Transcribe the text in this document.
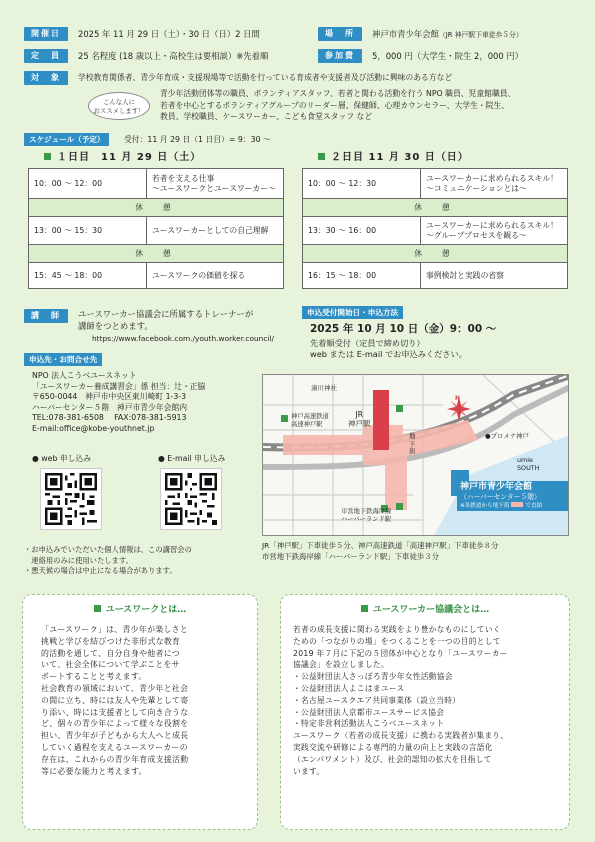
開催日	2025 年 11 月 29 日（土）・30 日（日）2 日間	場　所	神戸市青少年会館（JR 神戸駅下車徒歩５分）
定　員	25 名程度 (18 歳以上・高校生は要相談）※先着順	参加費	5，000 円（大学生・院生 2，000 円）
対　象	学校教育関係者、青少年育成・支援現場等で活動を行っている育成者や支援者及び活動に興味のある方など
青少年活動団体等の職員、ボランティアスタッフ、若者と関わる活動を行う NPO 職員、児童館職員、
若者を中心とするボランティアグループのリーダー層、保健師、心理カウンセラー、大学生・院生、
教員、学校職員、ケースワーカー、こども食堂スタッフ など
こんな人に
おススメします！
スケジュール（予定）	受付：11 月 29 日（1 日目）= 9：30 ～
１日目　11 月 29 日（土）	２日目 11 月 30 日（日）
10：00 ～ 12：00	若者を支える仕事
～ユースワークとユースワーカー～

休　憩	
13：00 ～ 15：30	ユースワーカーとしての自己理解
休　憩	
15：45 ～ 18：00	ユースワークの価値を探る
10：00 ～ 12：30	ユースワーカーに求められるスキル！
～コミュニケーションとは～

休　憩	
13：30 ～ 16：00	ユースワーカーに求められるスキル！
～グループプロセスを観る～

休　憩	
16：15 ～ 18：00	事例検討と実践の省察
講　師	ユースワーカー協議会に所属するトレーナーが
講師をつとめます。
https://www.facebook.com./youth.worker.council/
申込受付開始日・申込方法
2025 年 10 月 10 日（金）9：00 ～
先着順受付（定員で締め切り）
web または E-mail でお申込みください。
申込先・お問合せ先
NPO 法人こうベユースネット
「ユースワーカー養成講習会」係 担当：辻・正脇
〒650-0044　神戸市中央区東川崎町 1-3-3
ハーバーセンター５階　神戸市青少年会館内
TEL:078-381-6508　 FAX:078-381-5913
E-mail:office@kobe-youthnet.jp
● web 申し込み	● E-mail 申し込み
・お申込みでいただいた個人情報は、この講習会の
　連絡用のみに使用いたします。
・悪天候の場合は中止になる場合があります。
湊川神社
神戸高速鉄道
高速神戸駅
JR
神戸駅
地
下
街
●プロメナ神戸
umie
SOUTH
市営地下鉄海岸線
ハーバーランド駅
N
神戸市青少年会館
（ハーバーセンター５階）
※各鉄道から地下街	で直結
JR「神戸駅」下車徒歩５分、神戸高速鉄道「高速神戸駅」下車徒歩８分
市営地下鉄海岸線「ハーバーランド駅」下車徒歩３分
ユースワークとは…
「ユースワーク」は、青少年が楽しさと
挑戦と学びを結びつけた非形式な教育
的活動を通して、自分自身や他者につ
いて、社会全体について学ぶことをサ
ポートすることと考えます。
社会教育の領域において、青少年と社会
の間に立ち、時には友人や先輩として寄
り添い、時には支援者として向き合うな
ど、個々の青少年によって様々な役割を
担い、青少年が子どもから大人へと成長
していく過程を支えるユースワーカーの
存在は、これからの青少年育成支援活動
等に必要な能力と考えます。
ユースワーカー協議会とは…
若者の成長支援に関わる実践をより豊かなものにしていく
ための「つながりの場」をつくることを一つの目的として
2019 年７月に下記の５団体が中心となり「ユースワーカー
協議会」を設立しました。
・公益財団法人さっぽろ青少年女性活動協会
・公益財団法人よこはまユース
・名古屋ユースクエア共同事業体（設立当時）
・公益財団法人京都市ユースサービス協会
・特定非営利活動法人こうべユースネット
ユースワーク（若者の成長支援）に携わる実践者が集まり、
実践交流や研修による専門的力量の向上と実践の言語化
（エンパワメント）及び、社会的認知の拡大を目指して
います。
